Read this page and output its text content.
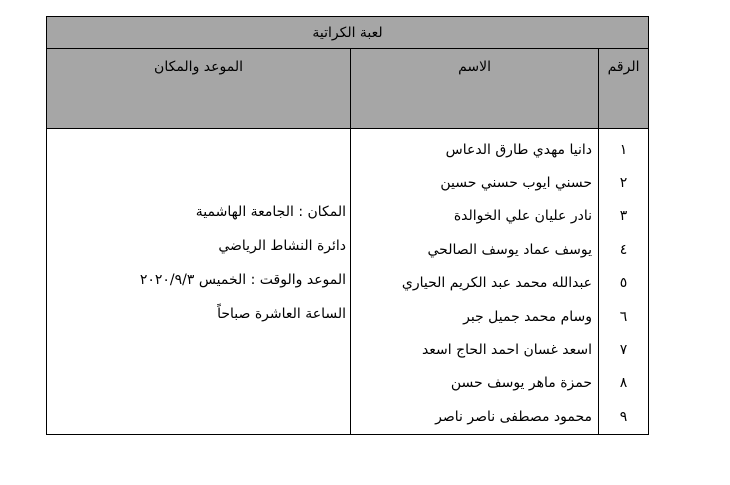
لعبة الكراتية		
الرقم	الاسم	الموعد والمكان
١	دانيا مهدي طارق الدعاس	المكان : الجامعة الهاشمية
دائرة النشاط الرياضي
الموعد والوقت : الخميس ٢٠٢٠/٩/٣
الساعة العاشرة صباحاً

٢	حسني ايوب حسني حسين	
٣	نادر عليان علي الخوالدة	
٤	يوسف عماد يوسف الصالحي	
٥	عبدالله محمد عبد الكريم الحياري	
٦	وسام محمد جميل جبر	
٧	اسعد غسان احمد الحاج اسعد	
٨	حمزة ماهر يوسف حسن	
٩	محمود مصطفى ناصر ناصر	
